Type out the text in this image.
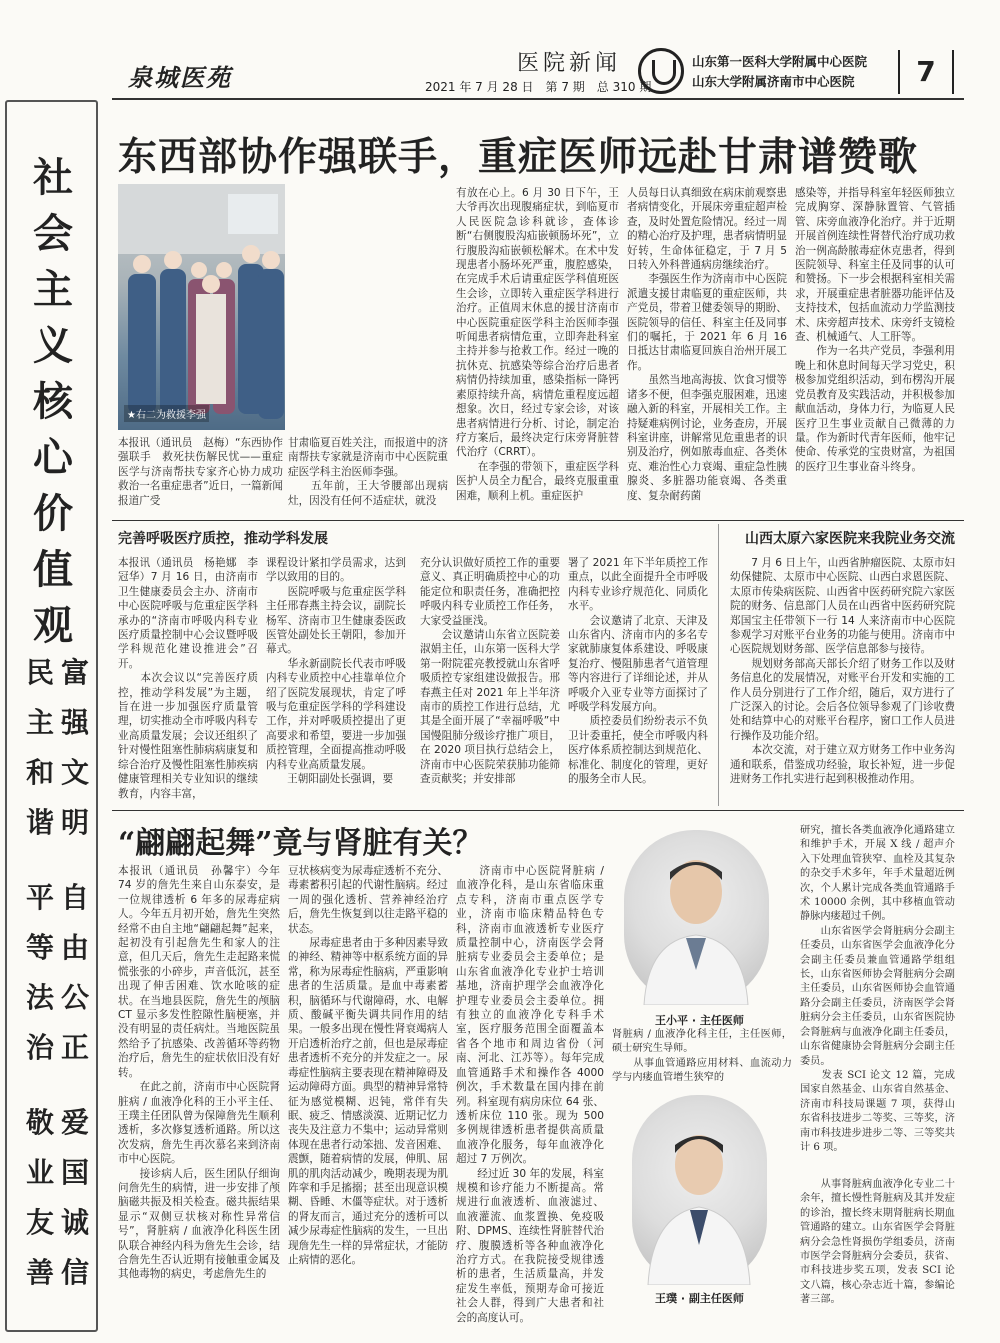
泉城医苑	医院新闻
2021 年 7 月 28 日　第 7 期　总 310 期
山东第一医科大学附属中心医院
山东大学附属济南市中心医院	7
社会主义核心价值观
民主
和谐
富强
文明
平等
法治
自由
公正
敬业
友善
爱国
诚信
东西部协作强联手，重症医师远赴甘肃谱赞歌
★右二为救援李强
本报讯（通讯员　赵梅）“东西协作强联手　救死扶伤解民忧——重症医学与济南帮扶专家齐心协力成功救治一名重症患者”近日，一篇新闻报道广受
甘肃临夏百姓关注，而报道中的济南帮扶专家就是济南市中心医院重症医学科主治医师李强。
　　五年前，王大爷腰部出现病灶，因没有任何不适症状，就没
有放在心上。6 月 30 日下午，王大爷再次出现腹痛症状，到临夏市人民医院急诊科就诊，查体诊断“右侧腹股沟疝嵌顿肠坏死”，立行腹股沟疝嵌顿松解术。在术中发现患者小肠坏死严重，腹腔感染，在完成手术后请重症医学科值班医生会诊，立即转入重症医学科进行治疗。正值周末休息的援甘济南市中心医院重症医学科主治医师李强听闻患者病情危重，立即奔赴科室主持并参与抢救工作。经过一晚的抗休克、抗感染等综合治疗后患者病情仍持续加重，感染指标一降钙素原持续升高，病情危重程度远超想象。次日，经过专家会诊，对该患者病情进行分析、讨论，制定治疗方案后，最终决定行床旁肾脏替代治疗（CRRT）。
　　在李强的带领下，重症医学科医护人员全力配合，最终克服重重困难，顺利上机。重症医护
人员每日认真细致在病床前观察患者病情变化，开展床旁重症超声检查，及时处置危险情况。经过一周的精心治疗及护理，患者病情明显好转，生命体征稳定，于 7 月 5 日转入外科普通病房继续治疗。
　　李强医生作为济南市中心医院派遣支援甘肃临夏的重症医师，共产党员，带着卫健委领导的期盼、医院领导的信任、科室主任及同事们的嘱托，于 2021 年 6 月 16 日抵达甘肃临夏回族自治州开展工作。
　　虽然当地高海拔、饮食习惯等诸多不便，但李强克服困难，迅速融入新的科室，开展相关工作。主持疑难病例讨论，业务查房，开展科室讲座，讲解常见危重患者的识别及治疗，例如脓毒血症、各类休克、难治性心力衰竭、重症急性胰腺炎、多脏器功能衰竭、各类重度、复杂耐药菌
感染等，并指导科室年轻医师独立完成胸穿、深静脉置管、气管插管、床旁血液净化治疗。并于近期开展首例连续性肾替代治疗成功救治一例高龄脓毒症休克患者，得到医院领导、科室主任及同事的认可和赞扬。下一步会根据科室相关需求，开展重症患者脏器功能评估及支持技术，包括血流动力学监测技术、床旁超声技术、床旁纤支镜检查、机械通气、人工肝等。
　　作为一名共产党员，李强利用晚上和休息时间每天学习党史，积极参加党组织活动，到布楞沟开展党员教育及实践活动，并积极参加献血活动，身体力行，为临夏人民医疗卫生事业贡献自己微薄的力量。作为新时代青年医师，他牢记使命、传承党的宝贵财富，为祖国的医疗卫生事业奋斗终身。
完善呼吸医疗质控，推动学科发展
本报讯（通讯员　杨艳娜　李冠华）7 月 16 日，由济南市卫生健康委员会主办、济南市中心医院呼吸与危重症医学科承办的“济南市呼吸内科专业医疗质量控制中心会议暨呼吸学科规范化建设推进会”召开。
　　本次会议以“完善医疗质控，推动学科发展”为主题，旨在进一步加强医疗质量管理，切实推动全市呼吸内科专业高质量发展；会议还组织了针对慢性阻塞性肺病病康复和综合治疗及慢性阻塞性肺疾病健康管理相关专业知识的继续教育，内容丰富，
课程设计紧扣学员需求，达到学以致用的目的。
　　医院呼吸与危重症医学科主任邢春燕主持会议，副院长杨军、济南市卫生健康委医政医管处副处长王朝阳，参加开幕式。
　　华永新副院长代表市呼吸内科专业质控中心挂靠单位介绍了医院发展现状，肯定了呼吸与危重症医学科的学科建设工作，并对呼吸质控提出了更高要求和希望，要进一步加强质控管理，全面提高推动呼吸内科专业高质量发展。
　　王朝阳副处长强调，要
充分认识做好质控工作的重要意义、真正明确质控中心的功能定位和职责任务，准确把控呼吸内科专业质控工作任务，大家受益匪浅。
　　会议邀请山东省立医院姜淑娟主任，山东第一医科大学第一附院霍亮教授就山东省呼吸质控专家组建设做报告。邢春燕主任对 2021 年上半年济南市的质控工作进行总结，尤其是全面开展了“幸福呼吸”中国慢阻肺分级诊疗推广项目，在 2020 项目执行总结会上，济南市中心医院荣获肺功能筛查贡献奖；并安排部
署了 2021 年下半年质控工作重点，以此全面提升全市呼吸内科专业诊疗规范化、同质化水平。
　　会议邀请了北京、天津及山东省内、济南市内的多名专家就肺康复体系建设、呼吸康复治疗、慢阻肺患者气道管理等内容进行了详细论述，并从呼吸介入亚专业等方面探讨了呼吸学科发展方向。
　　质控委员们纷纷表示不负卫计委重托，使全市呼吸内科医疗体系质控制达到规范化、标准化、制度化的管理，更好的服务全市人民。
山西太原六家医院来我院业务交流
　　7 月 6 日上午，山西省肿瘤医院、太原市妇幼保健院、太原市中心医院、山西白求恩医院、太原市传染病医院、山西省中医药研究院六家医院的财务、信息部门人员在山西省中医药研究院郑国宝主任带领下一行 14 人来济南市中心医院参观学习对账平台业务的功能与使用。济南市中心医院规划财务部、医学信息部参与接待。
　　规划财务部高天部长介绍了财务工作以及财务信息化的发展情况，对账平台开发和实施的工作人员分别进行了工作介绍，随后，双方进行了广泛深入的讨论。会后各位领导参观了门诊收费处和结算中心的对账平台程序，窗口工作人员进行操作及功能介绍。
　　本次交流，对于建立双方财务工作中业务沟通和联系，借鉴成功经验，取长补短，进一步促进财务工作扎实进行起到积极推动作用。
“翩翩起舞”竟与肾脏有关？
本报讯（通讯员　孙馨宇）今年 74 岁的詹先生来自山东泰安，是一位规律透析 6 年多的尿毒症病人。今年五月初开始，詹先生突然经常不由自主地“翩翩起舞”起来，起初没有引起詹先生和家人的注意，但几天后，詹先生走起路来慌慌张张的小碎步，声音低沉，甚至出现了伸舌困难、饮水呛咳的症状。在当地县医院，詹先生的颅脑 CT 显示多发性腔隙性脑梗塞，并没有明显的责任病灶。当地医院虽然给予了抗感染、改善循环等药物治疗后，詹先生的症状依旧没有好转。
　　在此之前，济南市中心医院肾脏病 / 血液净化科的王小平主任、王璞主任团队曾为保障詹先生顺利透析，多次修复透析通路。所以这次发病，詹先生再次慕名来到济南市中心医院。
　　接诊病人后，医生团队仔细询问詹先生的病情，进一步安排了颅脑磁共振及相关检查。磁共振结果显示“双侧豆状核对称性异常信号”，肾脏病 / 血液净化科医生团队联合神经内科为詹先生会诊，结合詹先生否认近期有接触重金属及其他毒物的病史，考虑詹先生的
豆状核病变为尿毒症透析不充分、毒素蓄积引起的代谢性脑病。经过一周的强化透析、营养神经治疗后，詹先生恢复到以往走路平稳的状态。
　　尿毒症患者由于多种因素导致的神经、精神等中枢系统方面的异常，称为尿毒症性脑病，严重影响患者的生活质量。是血中毒素蓄积，脑循环与代谢障碍，水、电解质、酸碱平衡失调共同作用的结果。一般多出现在慢性肾衰竭病人开启透析治疗之前，但也是尿毒症患者透析不充分的并发症之一。尿毒症性脑病主要表现在精神障碍及运动障碍方面。典型的精神异常特征为感觉模糊、迟钝，常伴有失眠、疲乏、情感淡漠、近期记忆力丧失及注意力不集中；运动异常则体现在患者行动笨拙、发音困难、震颤，随着病情的发展，伸肌、屈肌的肌肉活动减少，晚期表现为肌阵挛和手足搐搦；甚至出现意识模糊、昏睡、木僵等症状。对于透析的肾友而言，通过充分的透析可以减少尿毒症性脑病的发生，一旦出现詹先生一样的异常症状，才能防止病情的恶化。
　　济南市中心医院肾脏病 / 血液净化科，是山东省临床重点专科，济南市重点医学专业，济南市临床精品特色专科，济南市血液透析专业医疗质量控制中心，济南医学会肾脏病专业委员会主委单位；是山东省血液净化专业护士培训基地，济南护理学会血液净化护理专业委员会主委单位。拥有独立的血液净化专科手术室，医疗服务范围全面覆盖本省各个地市和周边省份（河南、河北、江苏等）。每年完成血管通路手术和操作各 4000 例次，手术数量在国内排在前列。科室现有病房床位 64 张、透析床位 110 张。现为 500 多例规律透析患者提供高质量血液净化服务，每年血液净化超过 7 万例次。
　　经过近 30 年的发展，科室规模和诊疗能力不断提高。常规进行血液透析、血液滤过、血液灌流、血浆置换、免疫吸附、DPMS、连续性肾脏替代治疗、腹膜透析等各种血液净化治疗方式。在我院接受规律透析的患者，生活质量高，并发症发生率低，预期寿命可接近社会人群，得到广大患者和社会的高度认可。
王小平 · 主任医师
肾脏病 / 血液净化科主任，主任医师，硕士研究生导师。
　　从事血管通路应用材料、血流动力学与内瘘血管增生狭窄的
研究，擅长各类血液净化通路建立和维护手术，开展 X 线 / 超声介入下处理血管狭窄、血栓及其复杂的杂交手术多年，年手术量超近例次，个人累计完成各类血管通路手术 10000 余例，其中移植血管动静脉内瘘超过千例。
　　山东省医学会肾脏病分会副主任委员，山东省医学会血液净化分会副主任委员兼血管通路学组组长，山东省医师协会肾脏病分会副主任委员，山东省医师协会血管通路分会副主任委员，济南医学会肾脏病分会主任委员，山东省医院协会肾脏病与血液净化副主任委员，山东省健康协会肾脏病分会副主任委员。
　　发表 SCI 论文 12 篇，完成国家自然基金、山东省自然基金、济南市科技局课题 7 项，获得山东省科技进步二等奖、三等奖，济南市科技进步进步二等、三等奖共计 6 项。
王璞 · 副主任医师
　　从事肾脏病血液净化专业二十余年，擅长慢性肾脏病及其并发症的诊治，擅长终末期肾脏病长期血管通路的建立。山东省医学会肾脏病分会急性肾损伤学组委员，济南市医学会肾脏病分会委员，获省、市科技进步奖五项，发表 SCI 论文八篇，核心杂志近十篇，参编论著三部。
